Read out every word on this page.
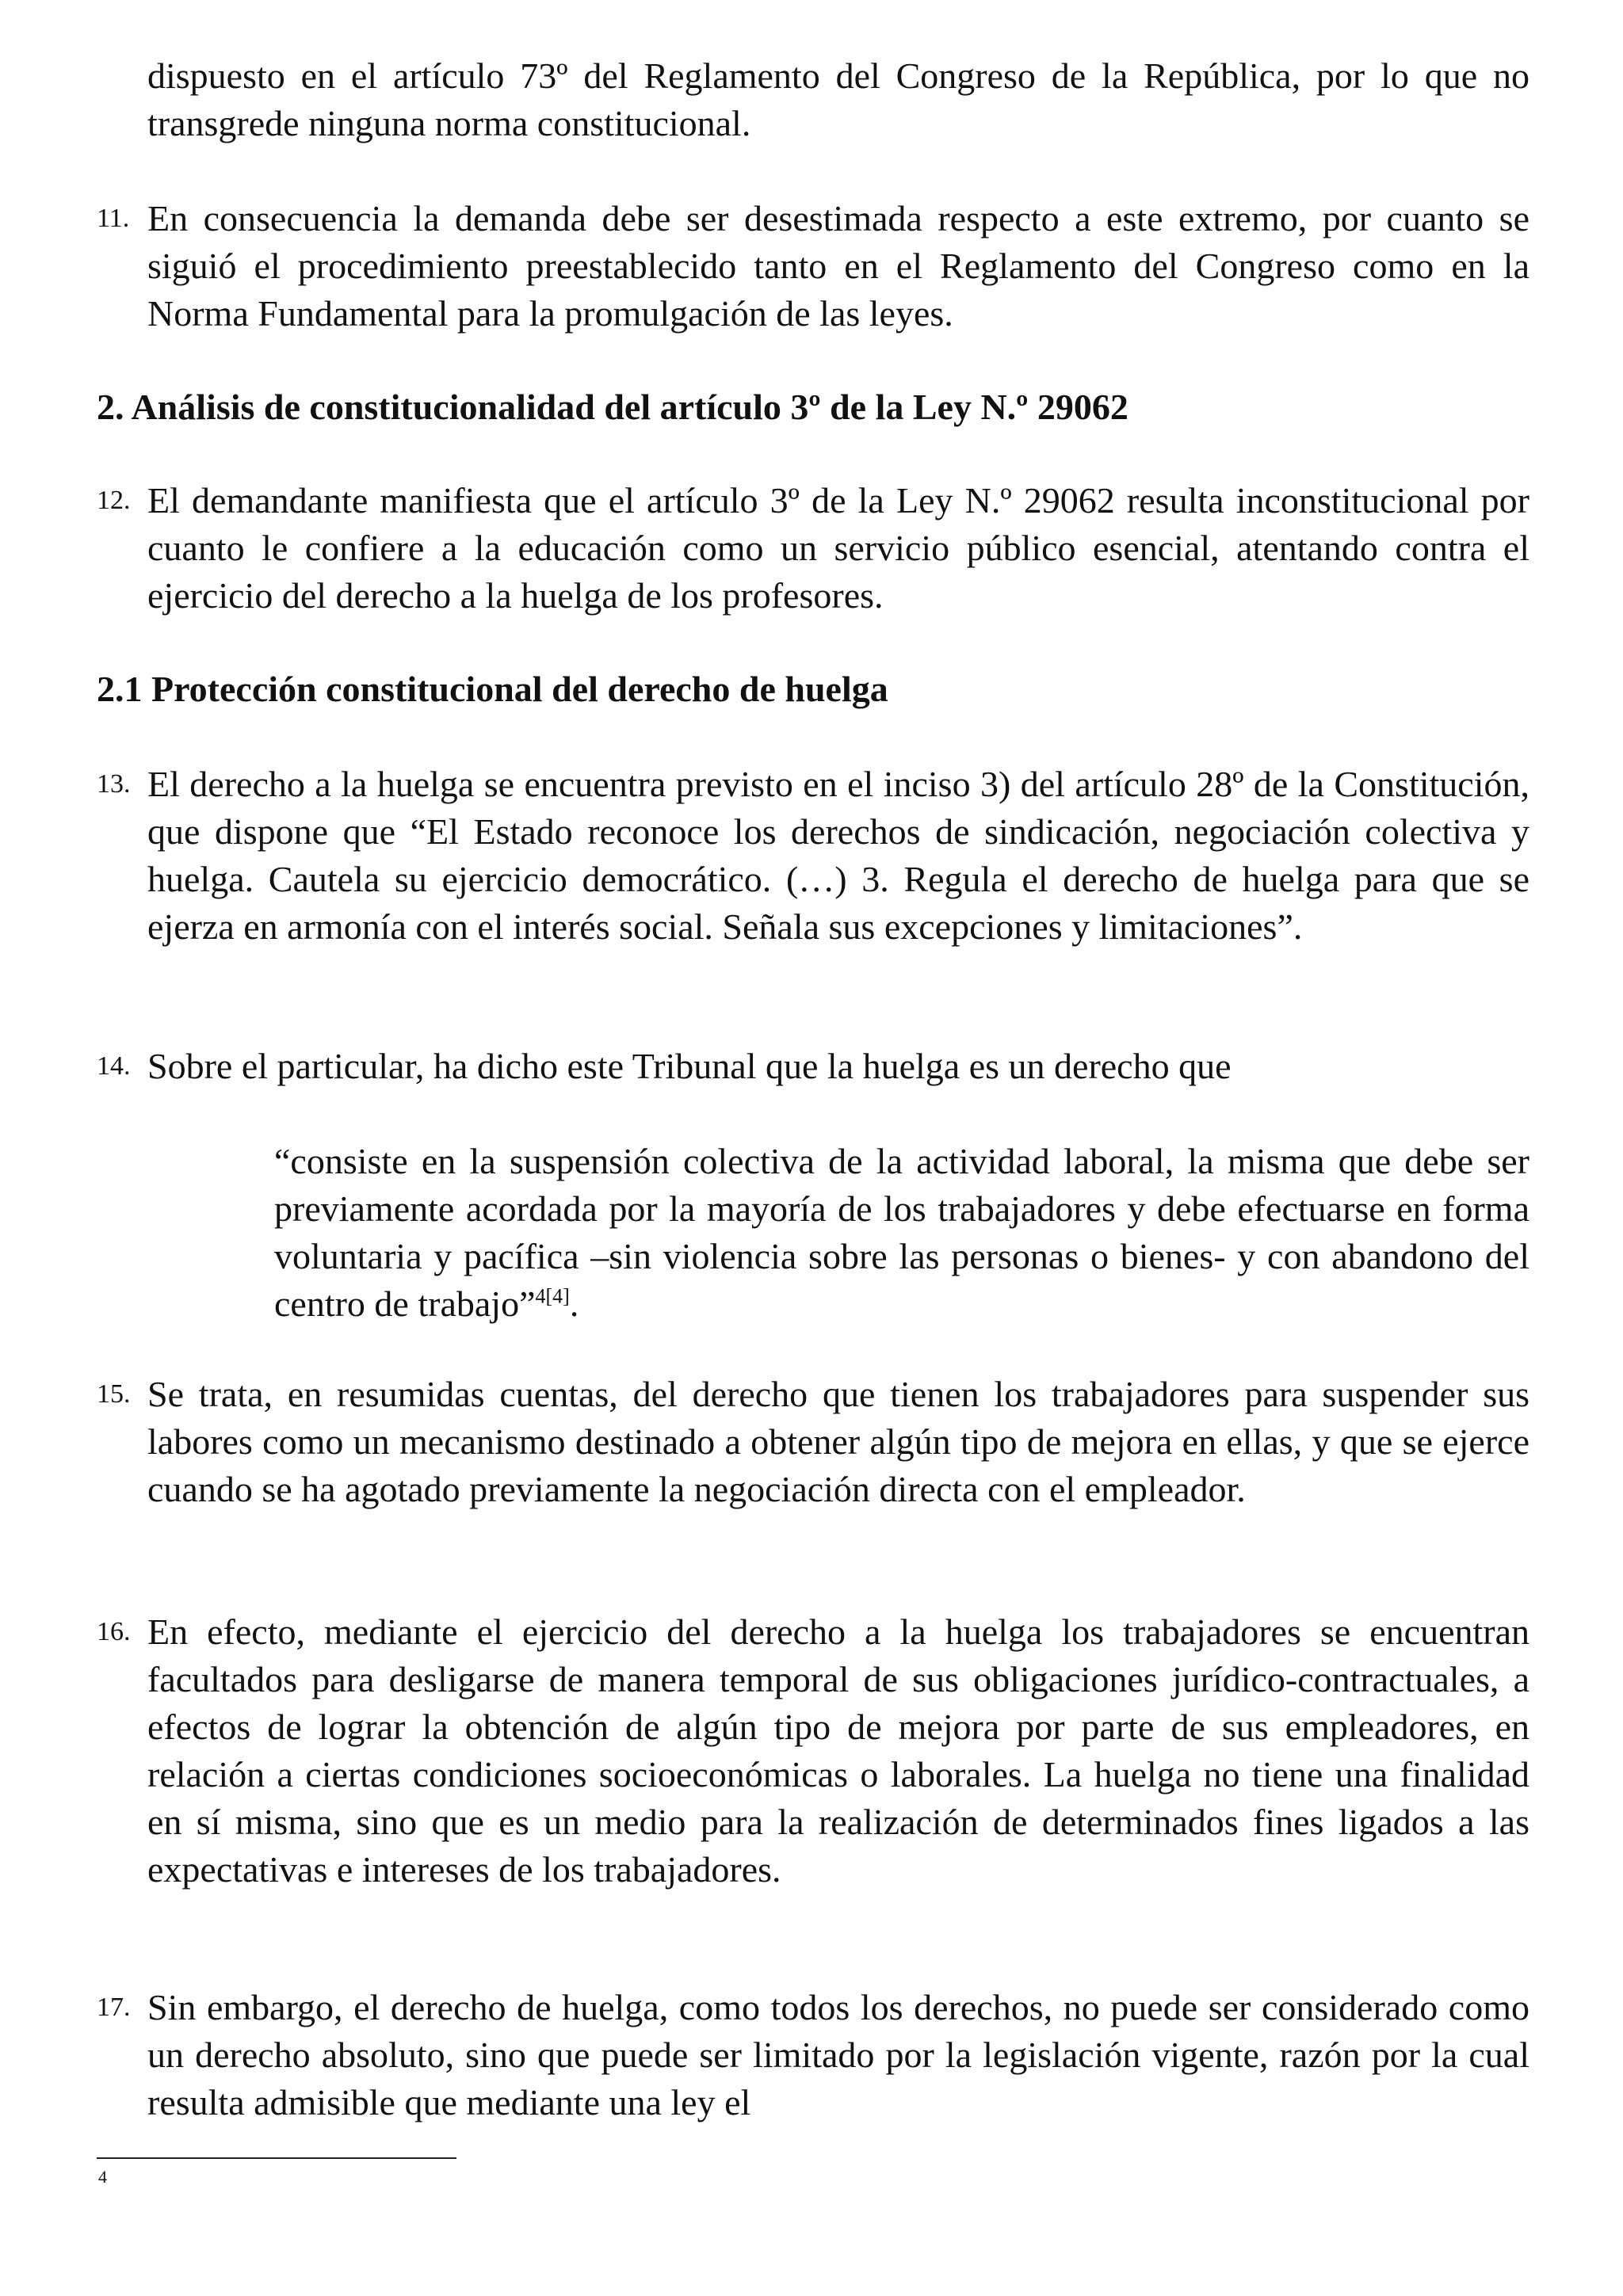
dispuesto en el artículo 73º del Reglamento del Congreso de la República, por lo que no transgrede ninguna norma constitucional.
11. En consecuencia la demanda debe ser desestimada respecto a este extremo, por cuanto se siguió el procedimiento preestablecido tanto en el Reglamento del Congreso como en la Norma Fundamental para la promulgación de las leyes.
2. Análisis de constitucionalidad del artículo 3º de la Ley N.º 29062
12. El demandante manifiesta que el artículo 3º de la Ley N.º 29062 resulta inconstitucional por cuanto le confiere a la educación como un servicio público esencial, atentando contra el ejercicio del derecho a la huelga de los profesores.
2.1 Protección constitucional del derecho de huelga
13. El derecho a la huelga se encuentra previsto en el inciso 3) del artículo 28º de la Constitución, que dispone que “El Estado reconoce los derechos de sindicación, negociación colectiva y huelga. Cautela su ejercicio democrático. (…) 3. Regula el derecho de huelga para que se ejerza en armonía con el interés social. Señala sus excepciones y limitaciones”.
14. Sobre el particular, ha dicho este Tribunal que la huelga es un derecho que
“consiste en la suspensión colectiva de la actividad laboral, la misma que debe ser previamente acordada por la mayoría de los trabajadores y debe efectuarse en forma voluntaria y pacífica –sin violencia sobre las personas o bienes- y con abandono del centro de trabajo”$^{4[4]}$.
15. Se trata, en resumidas cuentas, del derecho que tienen los trabajadores para suspender sus labores como un mecanismo destinado a obtener algún tipo de mejora en ellas, y que se ejerce cuando se ha agotado previamente la negociación directa con el empleador.
16. En efecto, mediante el ejercicio del derecho a la huelga los trabajadores se encuentran facultados para desligarse de manera temporal de sus obligaciones jurídico-contractuales, a efectos de lograr la obtención de algún tipo de mejora por parte de sus empleadores, en relación a ciertas condiciones socioeconómicas o laborales. La huelga no tiene una finalidad en sí misma, sino que es un medio para la realización de determinados fines ligados a las expectativas e intereses de los trabajadores.
17. Sin embargo, el derecho de huelga, como todos los derechos, no puede ser considerado como un derecho absoluto, sino que puede ser limitado por la legislación vigente, razón por la cual resulta admisible que mediante una ley el
4
